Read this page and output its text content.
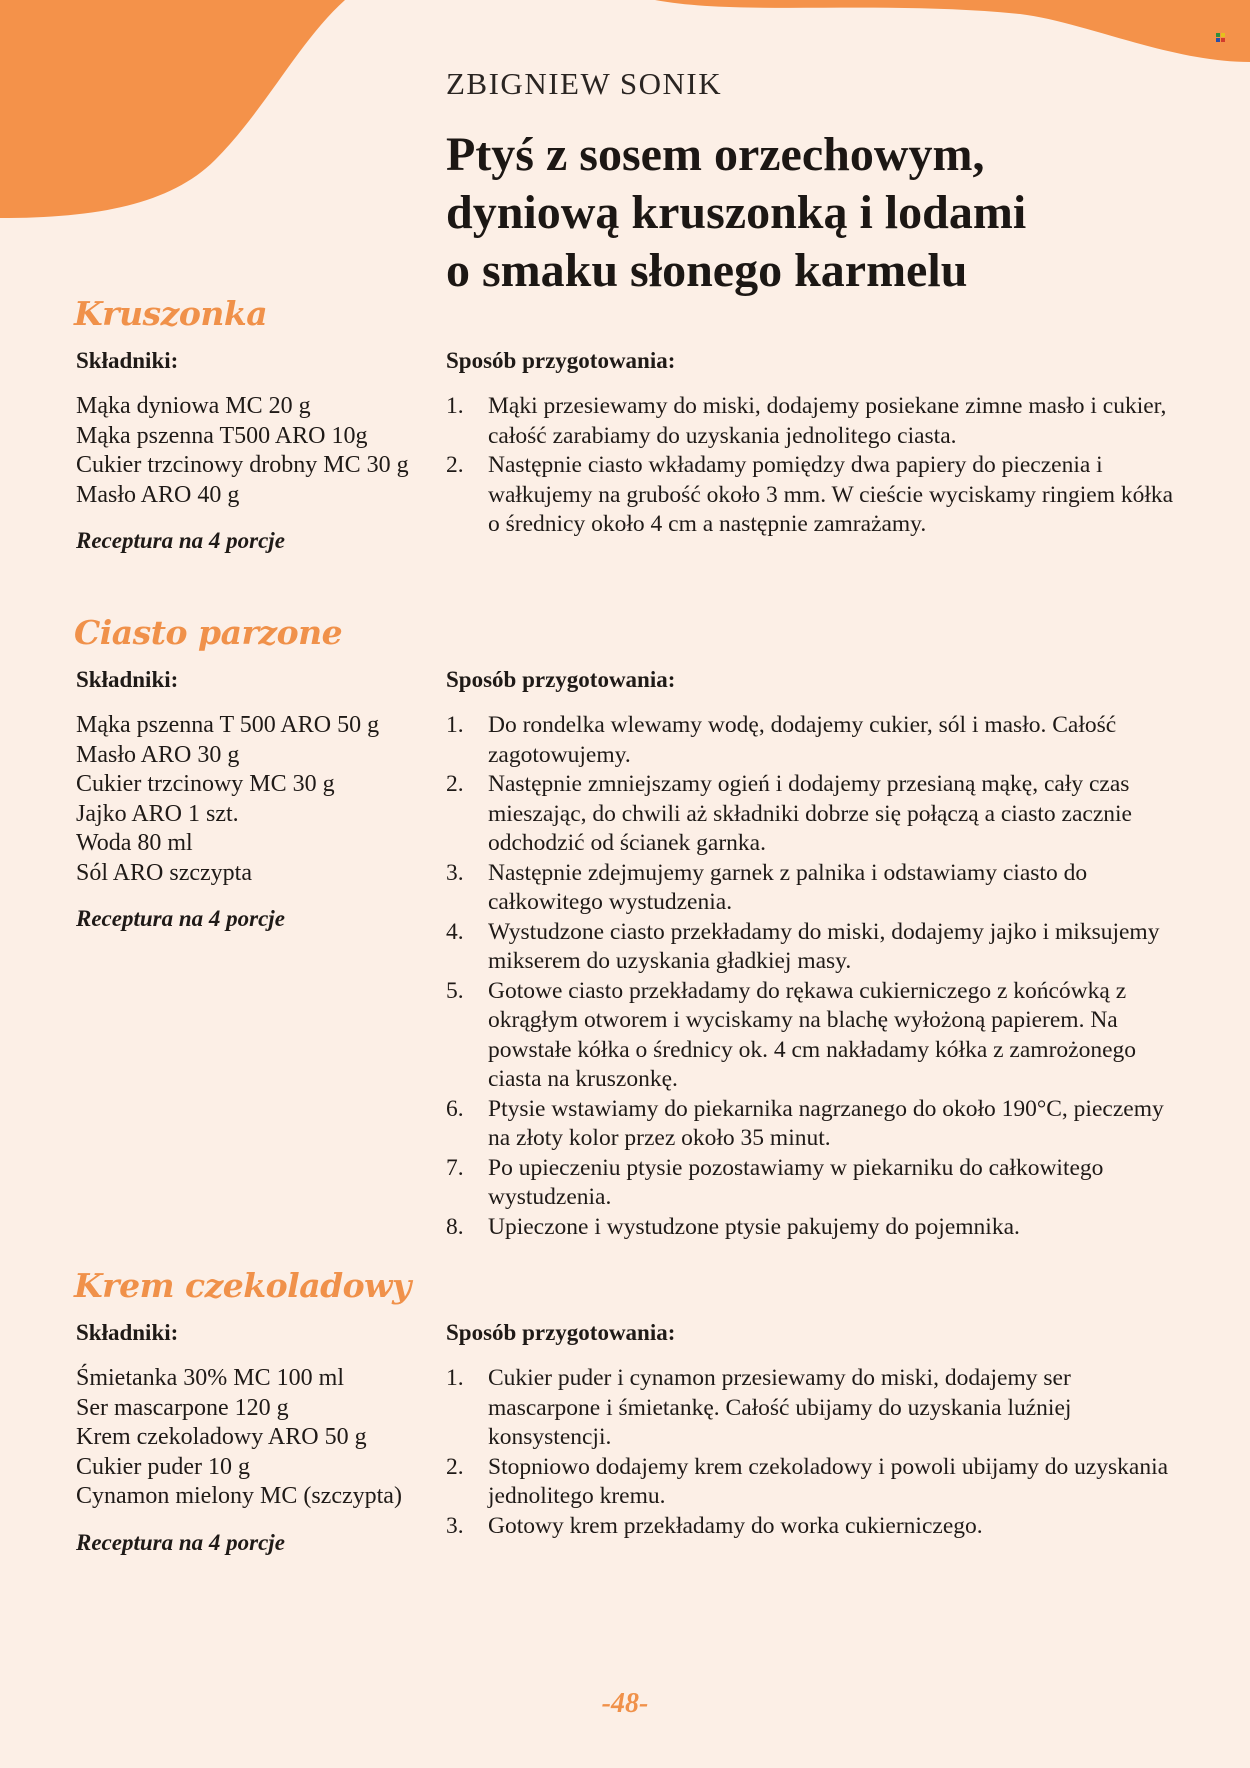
ZBIGNIEW SONIK
Ptyś z sosem orzechowym,
dyniową kruszonką i lodami
o smaku słonego karmelu
Kruszonka
Składniki:
Mąka dyniowa MC 20 g
Mąka pszenna T500 ARO 10g
Cukier trzcinowy drobny MC 30 g
Masło ARO 40 g
Receptura na 4 porcje
Sposób przygotowania:
1. Mąki przesiewamy do miski, dodajemy posiekane zimne masło i cukier, całość zarabiamy do uzyskania jednolitego ciasta.
2. Następnie ciasto wkładamy pomiędzy dwa papiery do pieczenia i wałkujemy na grubość około 3 mm. W cieście wyciskamy ringiem kółka o średnicy około 4 cm a następnie zamrażamy.
Ciasto parzone
Składniki:
Mąka pszenna T 500 ARO 50 g
Masło ARO 30 g
Cukier trzcinowy MC 30 g
Jajko ARO 1 szt.
Woda 80 ml
Sól ARO szczypta
Receptura na 4 porcje
Sposób przygotowania:
1. Do rondelka wlewamy wodę, dodajemy cukier, sól i masło. Całość zagotowujemy.
2. Następnie zmniejszamy ogień i dodajemy przesianą mąkę, cały czas mieszając, do chwili aż składniki dobrze się połączą a ciasto zacznie odchodzić od ścianek garnka.
3. Następnie zdejmujemy garnek z palnika i odstawiamy ciasto do całkowitego wystudzenia.
4. Wystudzone ciasto przekładamy do miski, dodajemy jajko i miksujemy mikserem do uzyskania gładkiej masy.
5. Gotowe ciasto przekładamy do rękawa cukierniczego z końcówką z okrągłym otworem i wyciskamy na blachę wyłożoną papierem. Na powstałe kółka o średnicy ok. 4 cm nakładamy kółka z zamrożonego ciasta na kruszonkę.
6. Ptysie wstawiamy do piekarnika nagrzanego do około 190°C, pieczemy na złoty kolor przez około 35 minut.
7. Po upieczeniu ptysie pozostawiamy w piekarniku do całkowitego wystudzenia.
8. Upieczone i wystudzone ptysie pakujemy do pojemnika.
Krem czekoladowy
Składniki:
Śmietanka 30% MC 100 ml
Ser mascarpone 120 g
Krem czekoladowy ARO 50 g
Cukier puder 10 g
Cynamon mielony MC (szczypta)
Receptura na 4 porcje
Sposób przygotowania:
1. Cukier puder i cynamon przesiewamy do miski, dodajemy ser mascarpone i śmietankę. Całość ubijamy do uzyskania luźniej konsystencji.
2. Stopniowo dodajemy krem czekoladowy i powoli ubijamy do uzyskania jednolitego kremu.
3. Gotowy krem przekładamy do worka cukierniczego.
-48-
